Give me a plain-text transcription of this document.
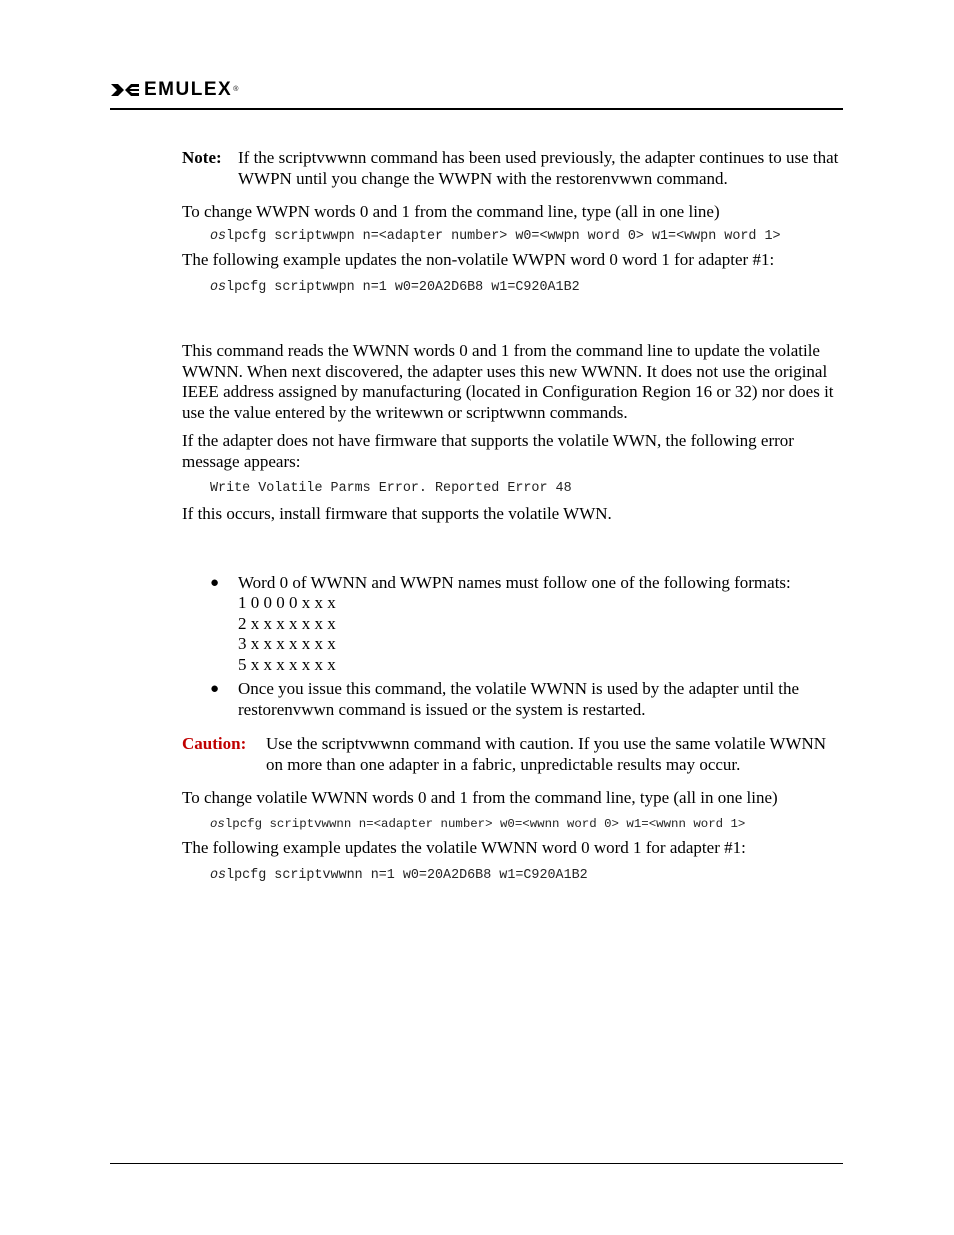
EMULEX ®
Note: If the scriptvwwnn command has been used previously, the adapter continues to use that WWPN until you change the WWPN with the restorenvwwn command.

To change WWPN words 0 and 1 from the command line, type (all in one line)

oslpcfg scriptwwpn n=<adapter number> w0=<wwpn word 0> w1=<wwpn word 1>

The following example updates the non-volatile WWPN word 0 word 1 for adapter #1:

oslpcfg scriptwwpn n=1 w0=20A2D6B8 w1=C920A1B2

This command reads the WWNN words 0 and 1 from the command line to update the volatile WWNN. When next discovered, the adapter uses this new WWNN. It does not use the original IEEE address assigned by manufacturing (located in Configuration Region 16 or 32) nor does it use the value entered by the writewwn or scriptwwnn commands.

If the adapter does not have firmware that supports the volatile WWN, the following error message appears:

Write Volatile Parms Error. Reported Error 48

If this occurs, install firmware that supports the volatile WWN.

● Word 0 of WWNN and WWPN names must follow one of the following formats:
1 0 0 0 0 x x x
2 x x x x x x x
3 x x x x x x x
5 x x x x x x x
● Once you issue this command, the volatile WWNN is used by the adapter until the restorenvwwn command is issued or the system is restarted.
Caution:	Use the scriptvwwnn command with caution. If you use the same volatile WWNN on more than one adapter in a fabric, unpredictable results may occur.

To change volatile WWNN words 0 and 1 from the command line, type (all in one line)

oslpcfg scriptvwwnn n=<adapter number> w0=<wwnn word 0> w1=<wwnn word 1>

The following example updates the volatile WWNN word 0 word 1 for adapter #1:

oslpcfg scriptvwwnn n=1 w0=20A2D6B8 w1=C920A1B2
